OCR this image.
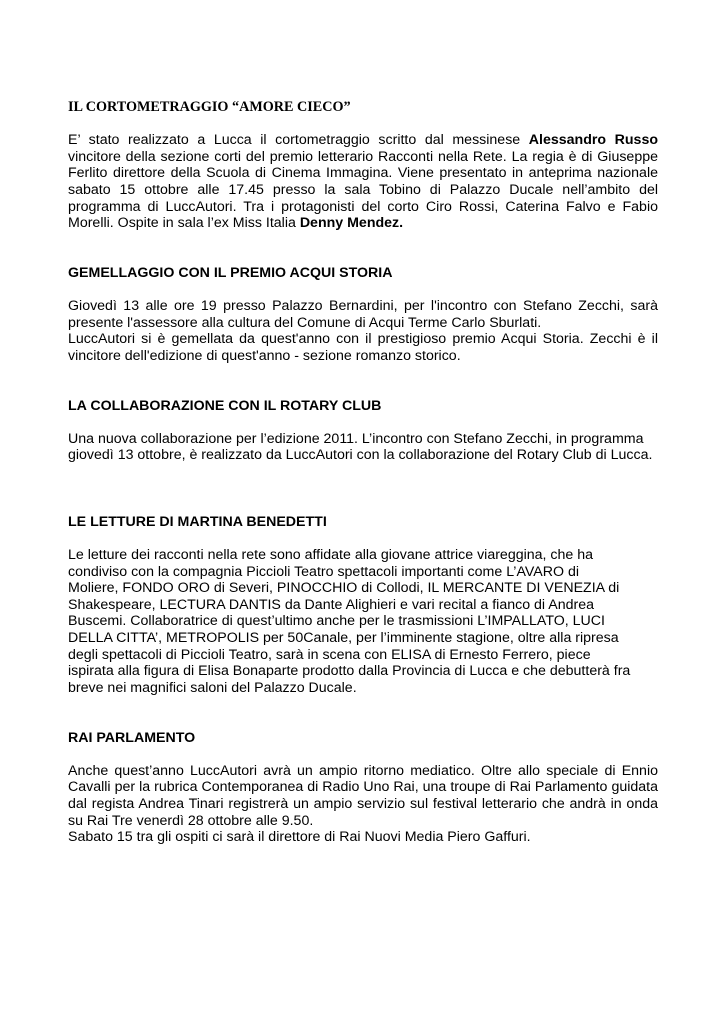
IL CORTOMETRAGGIO “AMORE CIECO”

E’ stato realizzato a Lucca il cortometraggio scritto dal messinese Alessandro Russo vincitore della sezione corti del premio letterario Racconti nella Rete. La regia è di Giuseppe Ferlito direttore della Scuola di Cinema Immagina. Viene presentato in anteprima nazionale sabato 15 ottobre alle 17.45 presso la sala Tobino di Palazzo Ducale nell’ambito del programma di LuccAutori. Tra i protagonisti del corto Ciro Rossi, Caterina Falvo e Fabio Morelli. Ospite in sala l’ex Miss Italia Denny Mendez.

GEMELLAGGIO CON IL PREMIO ACQUI STORIA

Giovedì 13 alle ore 19 presso Palazzo Bernardini, per l'incontro con Stefano Zecchi, sarà presente l'assessore alla cultura del Comune di Acqui Terme Carlo Sburlati.

LuccAutori si è gemellata da quest'anno con il prestigioso premio Acqui Storia. Zecchi è il vincitore dell'edizione di quest'anno - sezione romanzo storico.

LA COLLABORAZIONE CON IL ROTARY CLUB

Una nuova collaborazione per l’edizione 2011. L’incontro con Stefano Zecchi, in programma giovedì 13 ottobre, è realizzato da LuccAutori con la collaborazione del Rotary Club di Lucca.

LE LETTURE DI MARTINA BENEDETTI
Le letture dei racconti nella rete sono affidate alla giovane attrice viareggina, che ha
condiviso con la compagnia Piccioli Teatro spettacoli importanti come L’AVARO di
Moliere, FONDO ORO di Severi, PINOCCHIO di Collodi, IL MERCANTE DI VENEZIA di
Shakespeare, LECTURA DANTIS da Dante Alighieri e vari recital a fianco di Andrea
Buscemi. Collaboratrice di quest’ultimo anche per le trasmissioni L’IMPALLATO, LUCI
DELLA CITTA’, METROPOLIS per 50Canale, per l’imminente stagione, oltre alla ripresa
degli spettacoli di Piccioli Teatro, sarà in scena con ELISA di Ernesto Ferrero, piece
ispirata alla figura di Elisa Bonaparte prodotto dalla Provincia di Lucca e che debutterà fra
breve nei magnifici saloni del Palazzo Ducale.
RAI PARLAMENTO

Anche quest’anno LuccAutori avrà un ampio ritorno mediatico. Oltre allo speciale di Ennio Cavalli per la rubrica Contemporanea di Radio Uno Rai, una troupe di Rai Parlamento guidata dal regista Andrea Tinari registrerà un ampio servizio sul festival letterario che andrà in onda su Rai Tre venerdì 28 ottobre alle 9.50.

Sabato 15 tra gli ospiti ci sarà il direttore di Rai Nuovi Media Piero Gaffuri.
